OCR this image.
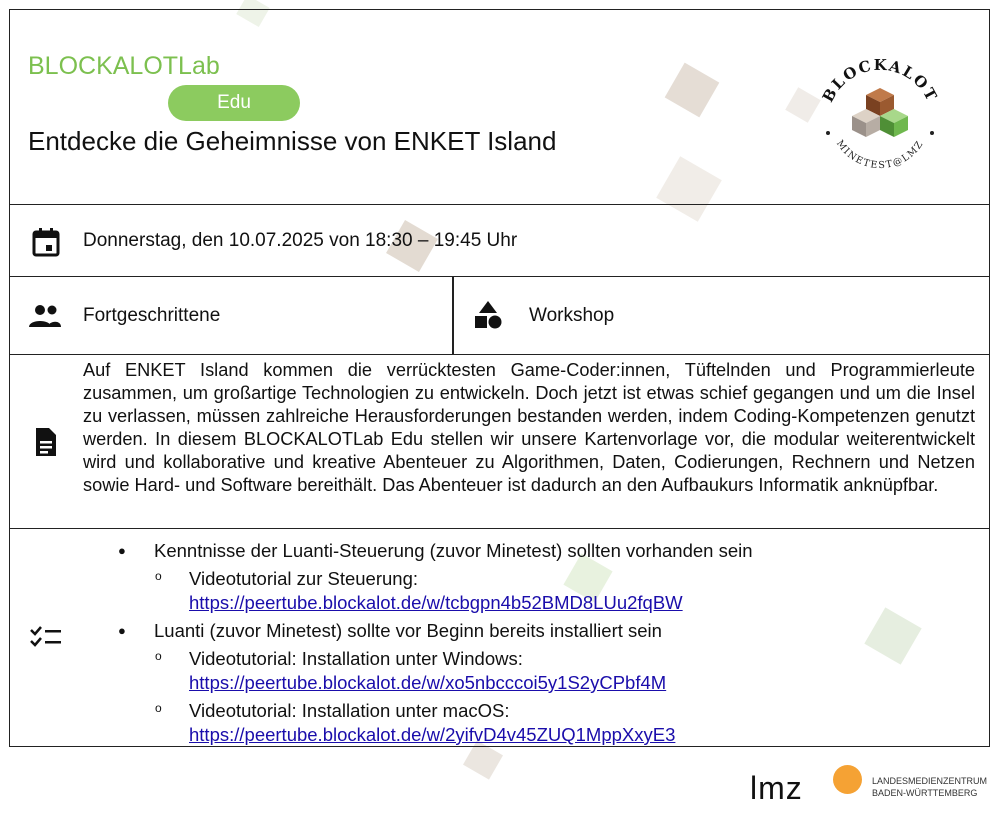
BLOCKALOTLab
Edu
Entdecke die Geheimnisse von ENKET Island
BLOCKALOT
MINETEST@LMZ
Donnerstag, den 10.07.2025 von 18:30 – 19:45 Uhr
Fortgeschrittene	Workshop
Auf ENKET Island kommen die verrücktesten Game-Coder:innen, Tüftelnden und Programmierleute zusammen, um großartige Technologien zu entwickeln. Doch jetzt ist etwas schief gegangen und um die Insel zu verlassen, müssen zahlreiche Herausforderungen bestanden werden, indem Coding-Kompetenzen genutzt werden. In diesem BLOCKALOTLab Edu stellen wir unsere Kartenvorlage vor, die modular weiterentwickelt wird und kollaborative und kreative Abenteuer zu Algorithmen, Daten, Codierungen, Rechnern und Netzen sowie Hard- und Software bereithält. Das Abenteuer ist dadurch an den Aufbaukurs Informatik anknüpfbar.
● Kenntnisse der Luanti-Steuerung (zuvor Minetest) sollten vorhanden sein
o Videotutorial zur Steuerung:
https://peertube.blockalot.de/w/tcbgpn4b52BMD8LUu2fqBW
● Luanti (zuvor Minetest) sollte vor Beginn bereits installiert sein
o Videotutorial: Installation unter Windows:
https://peertube.blockalot.de/w/xo5nbcccoi5y1S2yCPbf4M
o Videotutorial: Installation unter macOS:
https://peertube.blockalot.de/w/2yifvD4v45ZUQ1MppXxyE3
lmz	LANDESMEDIENZENTRUM
BADEN-WÜRTTEMBERG
